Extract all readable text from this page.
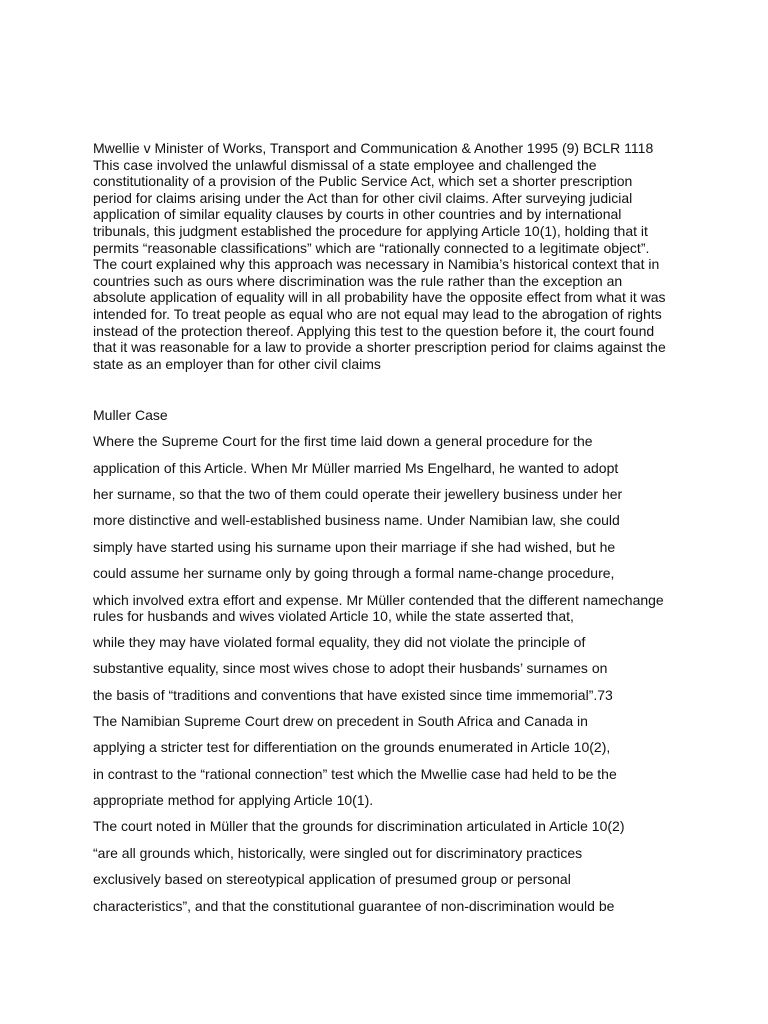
Mwellie v Minister of Works, Transport and Communication & Another 1995 (9) BCLR 1118
This case involved the unlawful dismissal of a state employee and challenged the
constitutionality of a provision of the Public Service Act, which set a shorter prescription
period for claims arising under the Act than for other civil claims. After surveying judicial
application of similar equality clauses by courts in other countries and by international
tribunals, this judgment established the procedure for applying Article 10(1), holding that it
permits “reasonable classifications” which are “rationally connected to a legitimate object”.
The court explained why this approach was necessary in Namibia’s historical context that in
countries such as ours where discrimination was the rule rather than the exception an
absolute application of equality will in all probability have the opposite effect from what it was
intended for. To treat people as equal who are not equal may lead to the abrogation of rights
instead of the protection thereof. Applying this test to the question before it, the court found
that it was reasonable for a law to provide a shorter prescription period for claims against the
state as an employer than for other civil claims
Muller Case
Where the Supreme Court for the first time laid down a general procedure for the
application of this Article. When Mr Müller married Ms Engelhard, he wanted to adopt
her surname, so that the two of them could operate their jewellery business under her
more distinctive and well-established business name. Under Namibian law, she could
simply have started using his surname upon their marriage if she had wished, but he
could assume her surname only by going through a formal name-change procedure,
which involved extra effort and expense. Mr Müller contended that the different namechange
rules for husbands and wives violated Article 10, while the state asserted that,
while they may have violated formal equality, they did not violate the principle of
substantive equality, since most wives chose to adopt their husbands’ surnames on
the basis of “traditions and conventions that have existed since time immemorial”.73
The Namibian Supreme Court drew on precedent in South Africa and Canada in
applying a stricter test for differentiation on the grounds enumerated in Article 10(2),
in contrast to the “rational connection” test which the Mwellie case had held to be the
appropriate method for applying Article 10(1).
The court noted in Müller that the grounds for discrimination articulated in Article 10(2)
“are all grounds which, historically, were singled out for discriminatory practices
exclusively based on stereotypical application of presumed group or personal
characteristics”, and that the constitutional guarantee of non-discrimination would be
